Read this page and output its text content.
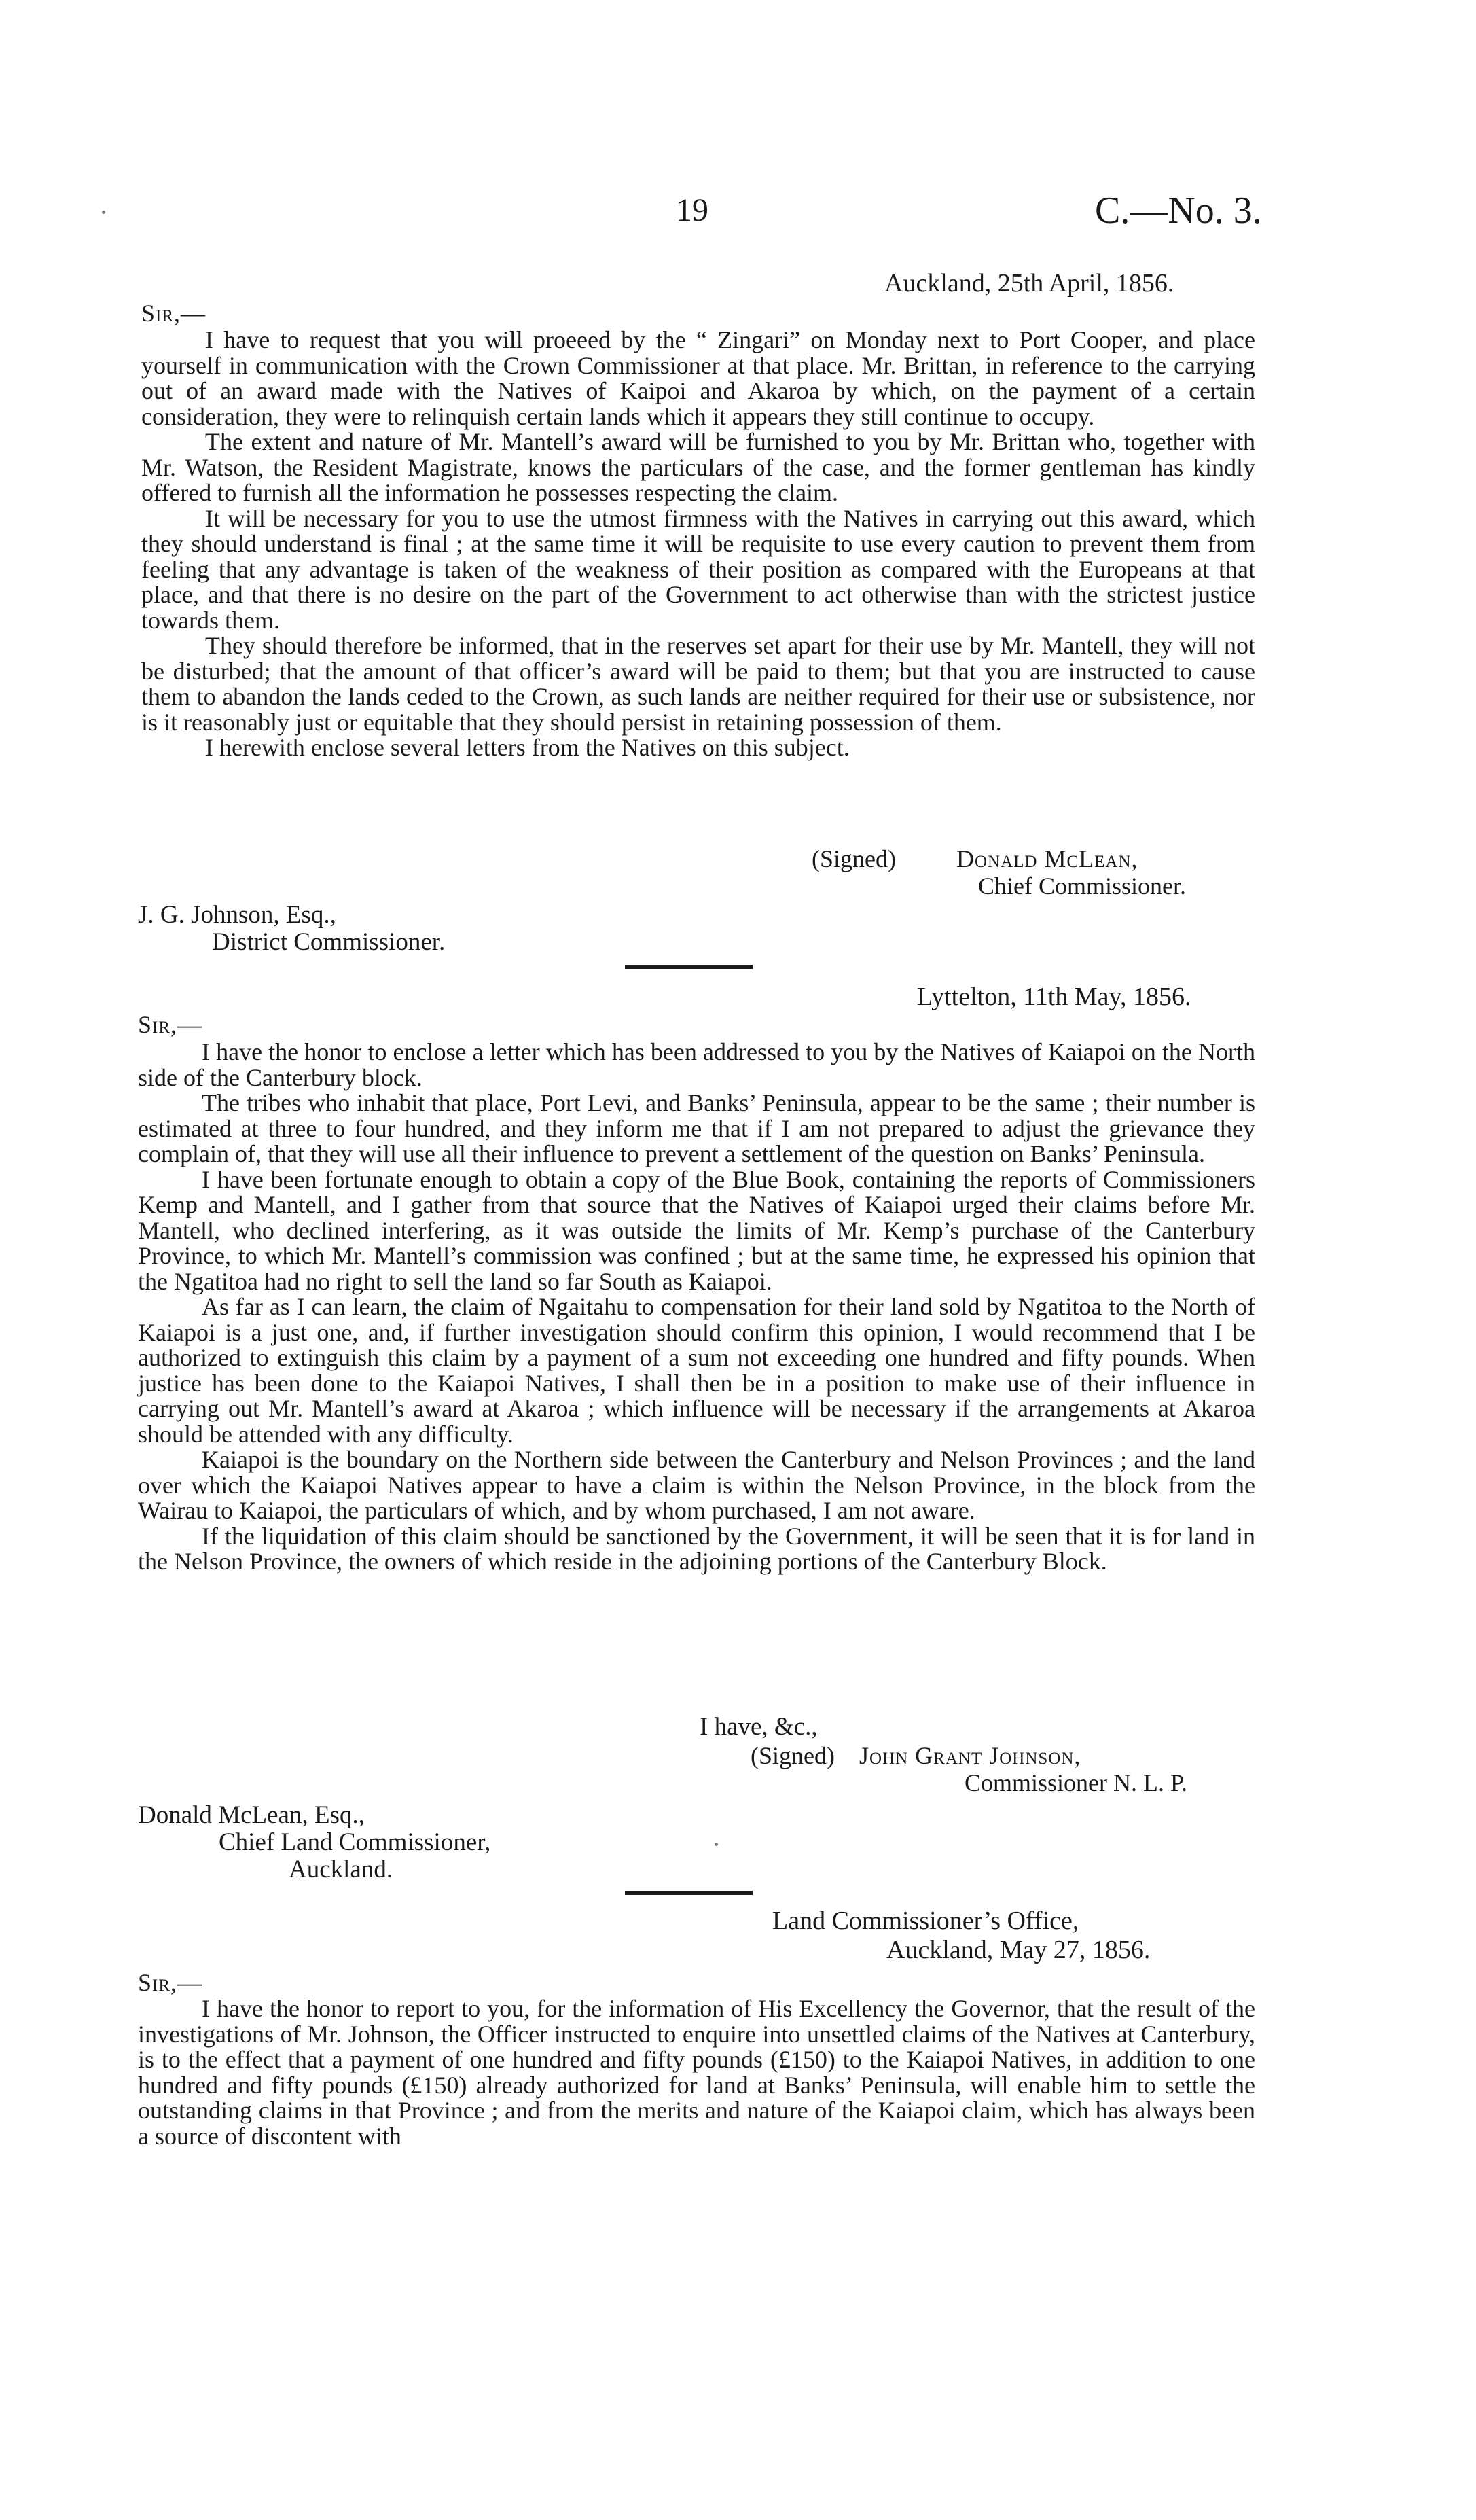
19	C.—No. 3.
Auckland, 25th April, 1856.
Sir,—

I have to request that you will proeeed by the “ Zingari” on Monday next to Port Cooper, and place yourself in communication with the Crown Commissioner at that place. Mr. Brittan, in reference to the carrying out of an award made with the Natives of Kaipoi and Akaroa by which, on the payment of a certain consideration, they were to relinquish certain lands which it appears they still continue to occupy.

The extent and nature of Mr. Mantell’s award will be furnished to you by Mr. Brittan who, together with Mr. Watson, the Resident Magistrate, knows the particulars of the case, and the former gentleman has kindly offered to furnish all the information he possesses respecting the claim.

It will be necessary for you to use the utmost firmness with the Natives in carrying out this award, which they should understand is final ; at the same time it will be requisite to use every caution to prevent them from feeling that any advantage is taken of the weakness of their position as compared with the Europeans at that place, and that there is no desire on the part of the Government to act otherwise than with the strictest justice towards them.

They should therefore be informed, that in the reserves set apart for their use by Mr. Mantell, they will not be disturbed; that the amount of that officer’s award will be paid to them; but that you are instructed to cause them to abandon the lands ceded to the Crown, as such lands are neither required for their use or subsistence, nor is it reasonably just or equitable that they should persist in retaining possession of them.

I herewith enclose several letters from the Natives on this subject.

(Signed) Donald McLean,
Chief Commissioner.
J. G. Johnson, Esq.,
District Commissioner.
Lyttelton, 11th May, 1856.
Sir,—

I have the honor to enclose a letter which has been addressed to you by the Natives of Kaiapoi on the North side of the Canterbury block.

The tribes who inhabit that place, Port Levi, and Banks’ Peninsula, appear to be the same ; their number is estimated at three to four hundred, and they inform me that if I am not prepared to adjust the grievance they complain of, that they will use all their influence to prevent a settlement of the question on Banks’ Peninsula.

I have been fortunate enough to obtain a copy of the Blue Book, containing the reports of Commissioners Kemp and Mantell, and I gather from that source that the Natives of Kaiapoi urged their claims before Mr. Mantell, who declined interfering, as it was outside the limits of Mr. Kemp’s purchase of the Canterbury Province, to which Mr. Mantell’s commission was confined ; but at the same time, he expressed his opinion that the Ngatitoa had no right to sell the land so far South as Kaiapoi.

As far as I can learn, the claim of Ngaitahu to compensation for their land sold by Ngatitoa to the North of Kaiapoi is a just one, and, if further investigation should confirm this opinion, I would recommend that I be authorized to extinguish this claim by a payment of a sum not exceeding one hundred and fifty pounds. When justice has been done to the Kaiapoi Natives, I shall then be in a position to make use of their influence in carrying out Mr. Mantell’s award at Akaroa ; which influence will be necessary if the arrangements at Akaroa should be attended with any difficulty.

Kaiapoi is the boundary on the Northern side between the Canterbury and Nelson Provinces ; and the land over which the Kaiapoi Natives appear to have a claim is within the Nelson Province, in the block from the Wairau to Kaiapoi, the particulars of which, and by whom purchased, I am not aware.

If the liquidation of this claim should be sanctioned by the Government, it will be seen that it is for land in the Nelson Province, the owners of which reside in the adjoining portions of the Canterbury Block.

I have, &c.,
(Signed) John Grant Johnson,
Commissioner N. L. P.
Donald McLean, Esq.,
Chief Land Commissioner,
Auckland.
Land Commissioner’s Office,
Auckland, May 27, 1856.
Sir,—

I have the honor to report to you, for the information of His Excellency the Governor, that the result of the investigations of Mr. Johnson, the Officer instructed to enquire into unsettled claims of the Natives at Canterbury, is to the effect that a payment of one hundred and fifty pounds (£150) to the Kaiapoi Natives, in addition to one hundred and fifty pounds (£150) already authorized for land at Banks’ Peninsula, will enable him to settle the outstanding claims in that Province ; and from the merits and nature of the Kaiapoi claim, which has always been a source of discontent with
